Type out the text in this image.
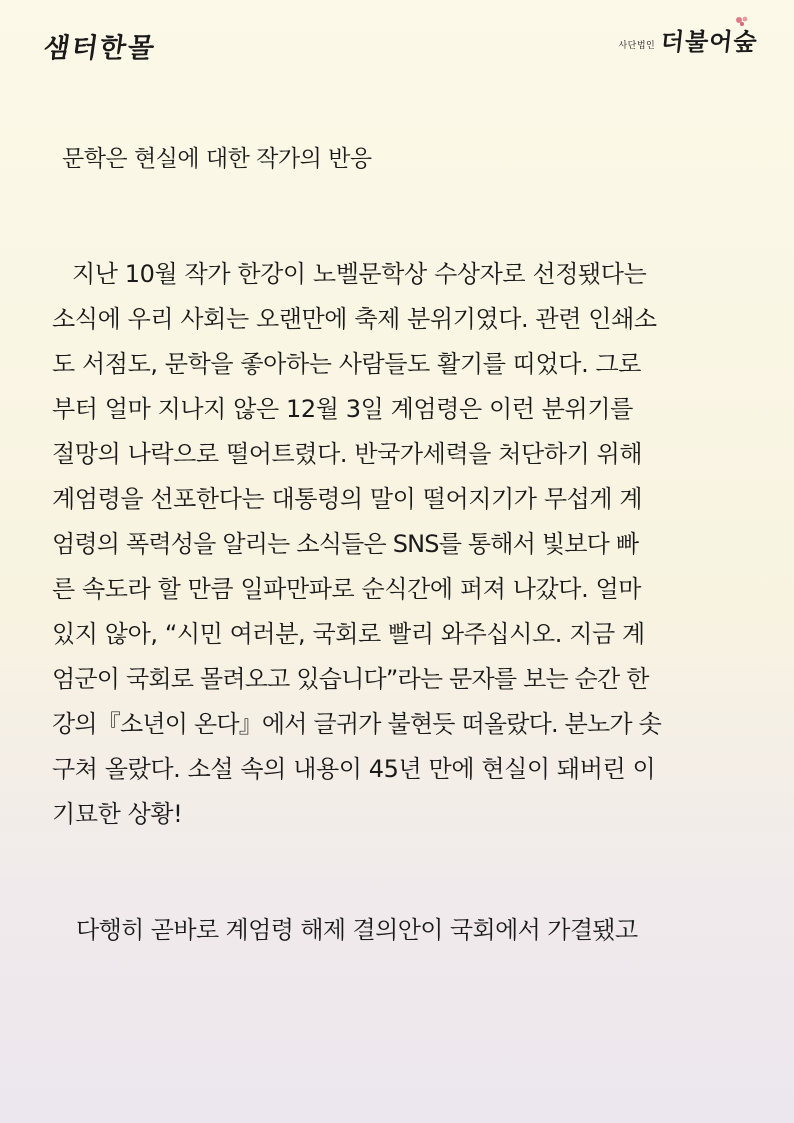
샘터한몰	사단법인 더불어숲
문학은 현실에 대한 작가의 반응
지난 10월 작가 한강이 노벨문학상 수상자로 선정됐다는
소식에 우리 사회는 오랜만에 축제 분위기였다. 관련 인쇄소
도 서점도, 문학을 좋아하는 사람들도 활기를 띠었다. 그로
부터 얼마 지나지 않은 12월 3일 계엄령은 이런 분위기를
절망의 나락으로 떨어트렸다. 반국가세력을 처단하기 위해
계엄령을 선포한다는 대통령의 말이 떨어지기가 무섭게 계
엄령의 폭력성을 알리는 소식들은 SNS를 통해서 빛보다 빠
른 속도라 할 만큼 일파만파로 순식간에 퍼져 나갔다. 얼마
있지 않아, “시민 여러분, 국회로 빨리 와주십시오. 지금 계
엄군이 국회로 몰려오고 있습니다”라는 문자를 보는 순간 한
강의『소년이 온다』에서 글귀가 불현듯 떠올랐다. 분노가 솟
구쳐 올랐다. 소설 속의 내용이 45년 만에 현실이 돼버린 이
기묘한 상황!
다행히 곧바로 계엄령 해제 결의안이 국회에서 가결됐고
